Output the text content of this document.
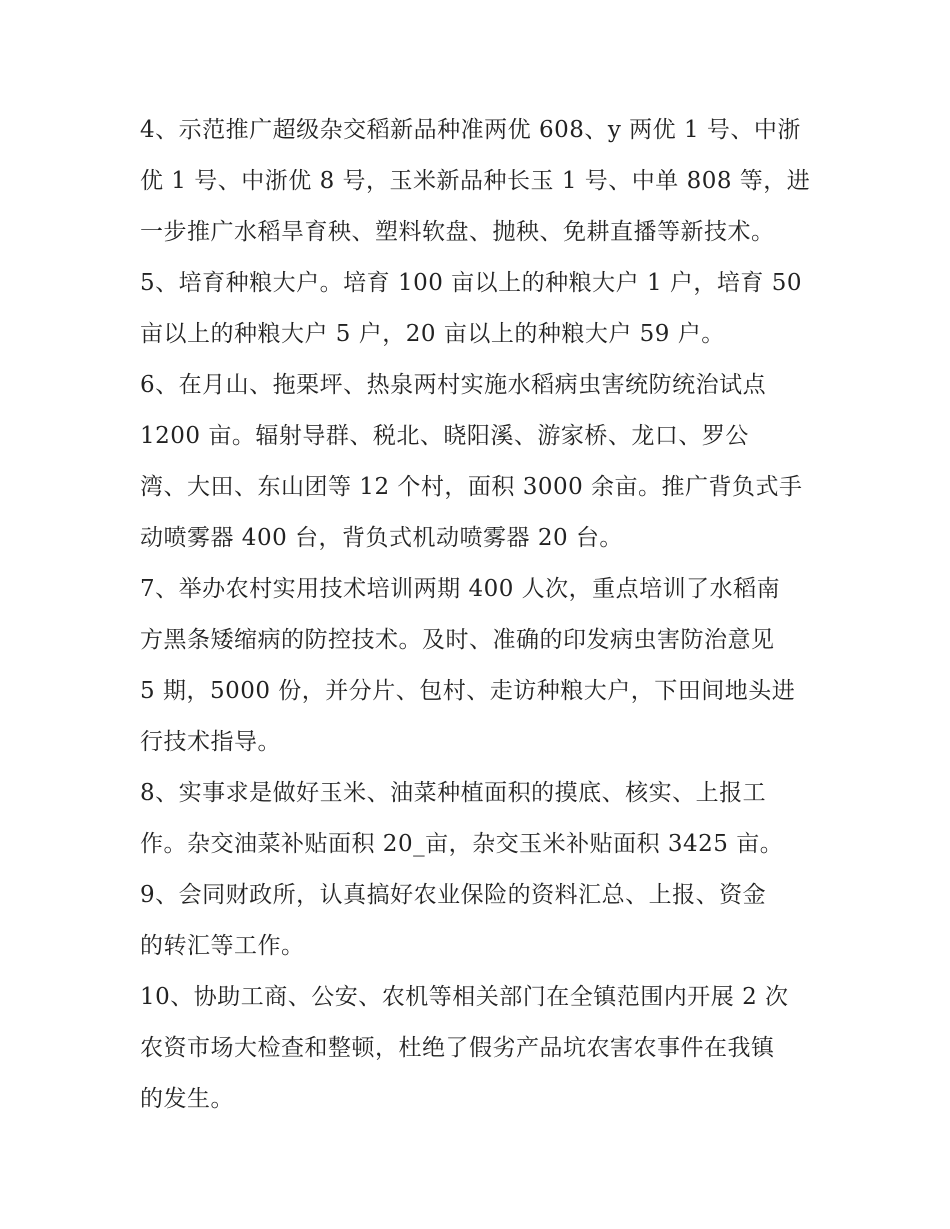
4、示范推广超级杂交稻新品种准两优 608、y 两优 1 号、中浙
优 1 号、中浙优 8 号，玉米新品种长玉 1 号、中单 808 等，进
一步推广水稻旱育秧、塑料软盘、抛秧、免耕直播等新技术。
5、培育种粮大户。培育 100 亩以上的种粮大户 1 户，培育 50
亩以上的种粮大户 5 户，20 亩以上的种粮大户 59 户。
6、在月山、拖栗坪、热泉两村实施水稻病虫害统防统治试点
1200 亩。辐射导群、税北、晓阳溪、游家桥、龙口、罗公
湾、大田、东山团等 12 个村，面积 3000 余亩。推广背负式手
动喷雾器 400 台，背负式机动喷雾器 20 台。
7、举办农村实用技术培训两期 400 人次，重点培训了水稻南
方黑条矮缩病的防控技术。及时、准确的印发病虫害防治意见
5 期，5000 份，并分片、包村、走访种粮大户，下田间地头进
行技术指导。
8、实事求是做好玉米、油菜种植面积的摸底、核实、上报工
作。杂交油菜补贴面积 20_亩，杂交玉米补贴面积 3425 亩。
9、会同财政所，认真搞好农业保险的资料汇总、上报、资金
的转汇等工作。
10、协助工商、公安、农机等相关部门在全镇范围内开展 2 次
农资市场大检查和整顿，杜绝了假劣产品坑农害农事件在我镇
的发生。
